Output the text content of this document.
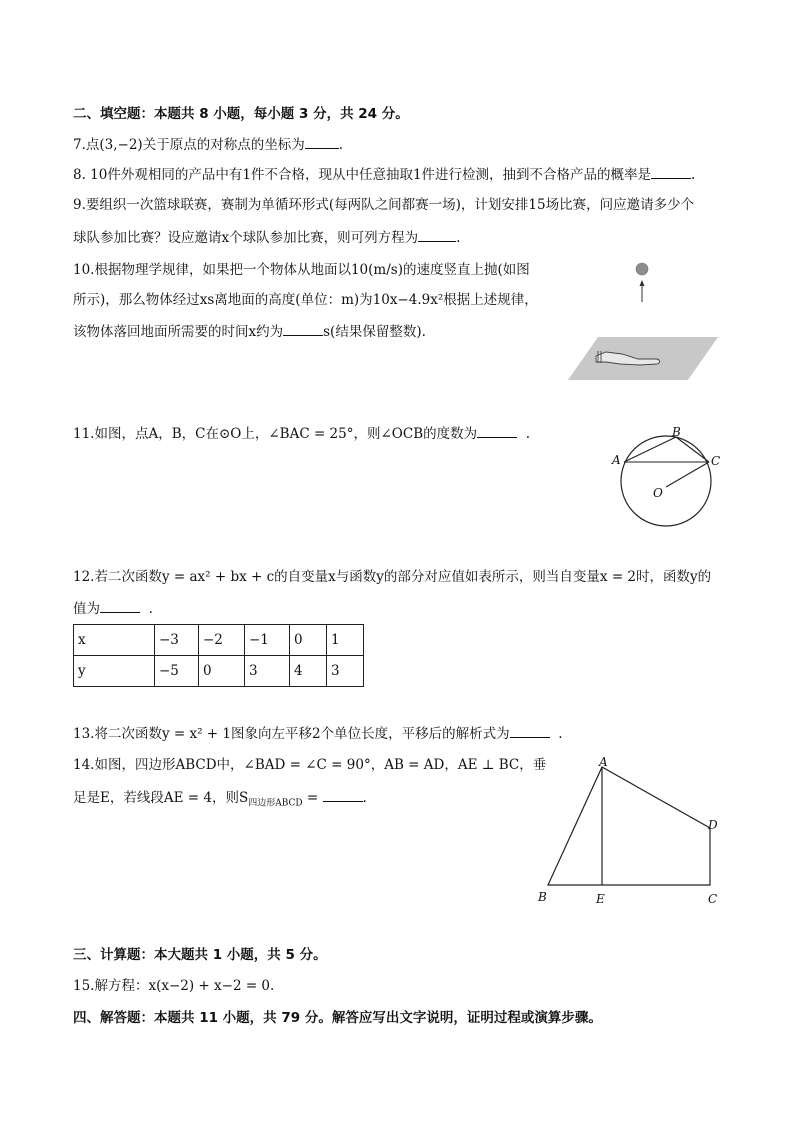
二、填空题：本题共 8 小题，每小题 3 分，共 24 分。
7.点(3,−2)关于原点的对称点的坐标为	.
8. 10件外观相同的产品中有1件不合格，现从中任意抽取1件进行检测，抽到不合格产品的概率是	.
9.要组织一次篮球联赛，赛制为单循环形式(每两队之间都赛一场)，计划安排15场比赛，问应邀请多少个
球队参加比赛？设应邀请x个球队参加比赛，则可列方程为	.
10.根据物理学规律，如果把一个物体从地面以10(m/s)的速度竖直上抛(如图
所示)，那么物体经过xs离地面的高度(单位：m)为10x−4.9x²根据上述规律，
该物体落回地面所需要的时间x约为	s(结果保留整数).
11.如图，点A，B，C在⊙O上，∠BAC = 25°，则∠OCB的度数为	.
A
B
C
O
12.若二次函数y = ax² + bx + c的自变量x与函数y的部分对应值如表所示，则当自变量x = 2时，函数y的
值为	.
x	−3	−2	−1	0	1
y	−5	0	3	4	3
13.将二次函数y = x² + 1图象向左平移2个单位长度，平移后的解析式为	.
14.如图，四边形ABCD中，∠BAD = ∠C = 90°，AB = AD，AE ⊥ BC，垂
足是E，若线段AE = 4，则$S_{四边形ABCD}$ =	.
A
B	E	C
D
三、计算题：本大题共 1 小题，共 5 分。
15.解方程：x(x−2) + x−2 = 0.
四、解答题：本题共 11 小题，共 79 分。解答应写出文字说明，证明过程或演算步骤。
